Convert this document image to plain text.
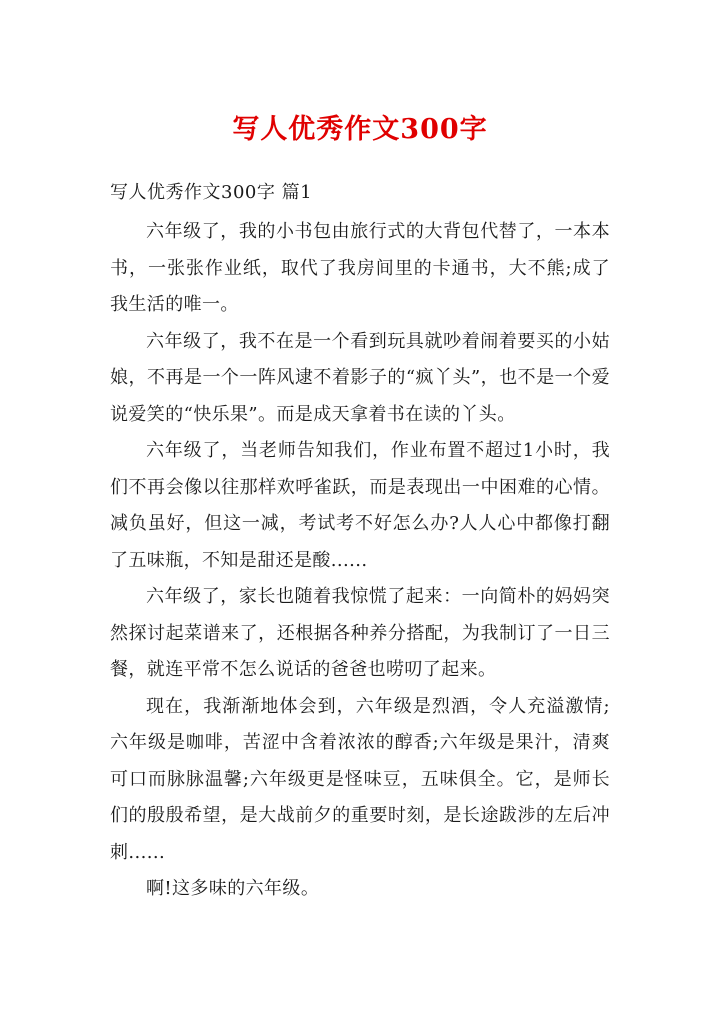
写人优秀作文300字

写人优秀作文300字 篇1

六年级了，我的小书包由旅行式的大背包代替了，一本本书，一张张作业纸，取代了我房间里的卡通书，大不熊;成了我生活的唯一。

六年级了，我不在是一个看到玩具就吵着闹着要买的小姑娘，不再是一个一阵风逮不着影子的“疯丫头”，也不是一个爱说爱笑的“快乐果”。而是成天拿着书在读的丫头。

六年级了，当老师告知我们，作业布置不超过1小时，我们不再会像以往那样欢呼雀跃，而是表现出一中困难的心情。减负虽好，但这一减，考试考不好怎么办?人人心中都像打翻了五味瓶，不知是甜还是酸......

六年级了，家长也随着我惊慌了起来：一向简朴的妈妈突然探讨起菜谱来了，还根据各种养分搭配，为我制订了一日三餐，就连平常不怎么说话的爸爸也唠叨了起来。

现在，我渐渐地体会到，六年级是烈酒，令人充溢激情;六年级是咖啡，苦涩中含着浓浓的醇香;六年级是果汁，清爽可口而脉脉温馨;六年级更是怪味豆，五味俱全。它，是师长们的殷殷希望，是大战前夕的重要时刻，是长途跋涉的左后冲刺......

啊!这多味的六年级。
